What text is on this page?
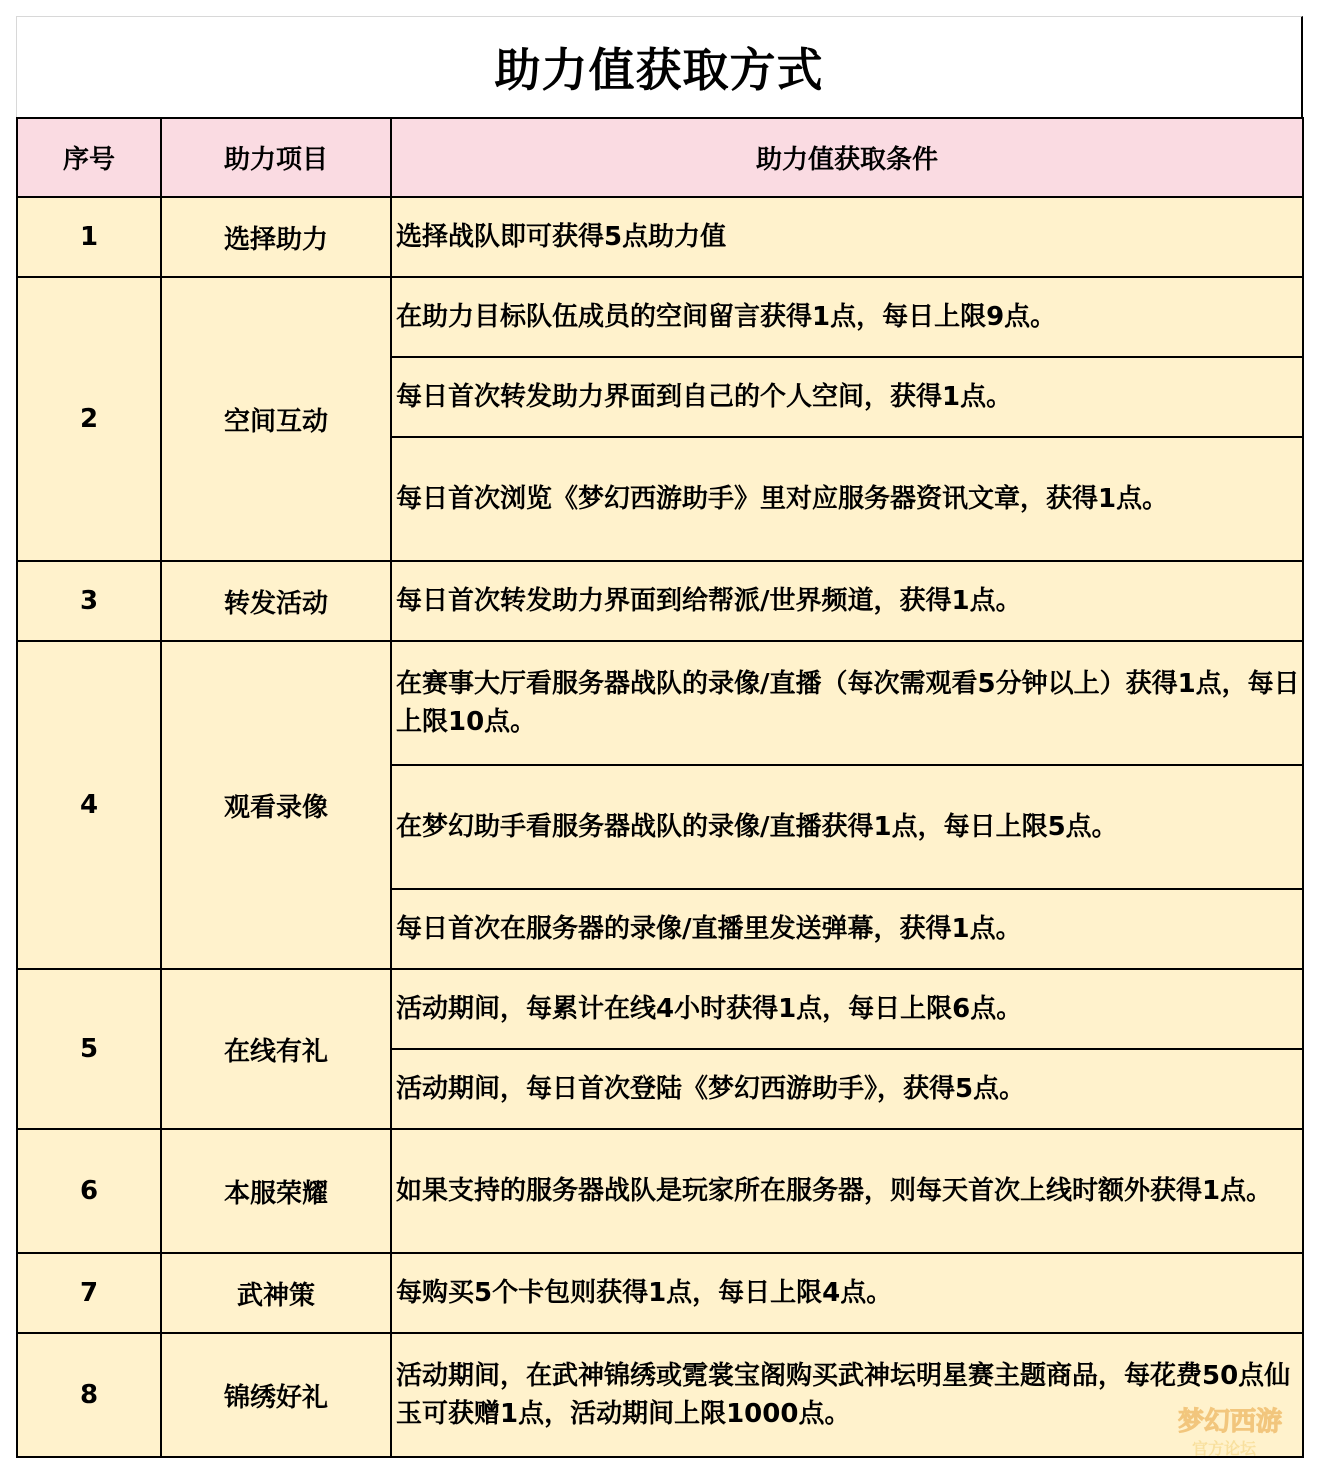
助力值获取方式
序号	助力项目	助力值获取条件
1	选择助力	选择战队即可获得5点助力值
2	空间互动	在助力目标队伍成员的空间留言获得1点，每日上限9点。
		每日首次转发助力界面到自己的个人空间，获得1点。
		每日首次浏览《梦幻西游助手》里对应服务器资讯文章，获得1点。
3	转发活动	每日首次转发助力界面到给帮派/世界频道，获得1点。
4	观看录像	在赛事大厅看服务器战队的录像/直播（每次需观看5分钟以上）获得1点，每日上限10点。
		在梦幻助手看服务器战队的录像/直播获得1点，每日上限5点。
		每日首次在服务器的录像/直播里发送弹幕，获得1点。
5	在线有礼	活动期间，每累计在线4小时获得1点，每日上限6点。
		活动期间，每日首次登陆《梦幻西游助手》，获得5点。
6	本服荣耀	如果支持的服务器战队是玩家所在服务器，则每天首次上线时额外获得1点。
7	武神策	每购买5个卡包则获得1点，每日上限4点。
8	锦绣好礼	活动期间，在武神锦绣或霓裳宝阁购买武神坛明星赛主题商品，每花费50点仙玉可获赠1点，活动期间上限1000点。	梦幻西游
官方论坛
